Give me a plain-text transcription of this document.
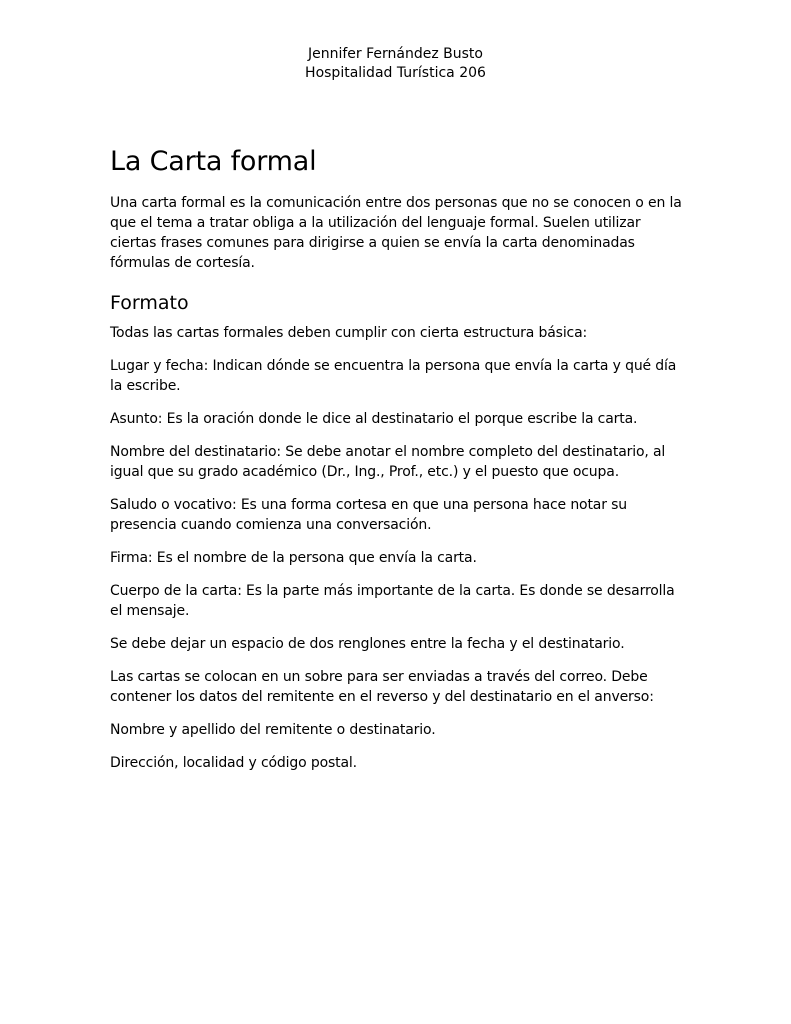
Jennifer Fernández Busto
Hospitalidad Turística 206
La Carta formal

Una carta formal es la comunicación entre dos personas que no se conocen o en la que el tema a tratar obliga a la utilización del lenguaje formal. Suelen utilizar ciertas frases comunes para dirigirse a quien se envía la carta denominadas fórmulas de cortesía.

Formato

Todas las cartas formales deben cumplir con cierta estructura básica:

Lugar y fecha: Indican dónde se encuentra la persona que envía la carta y qué día la escribe.

Asunto: Es la oración donde le dice al destinatario el porque escribe la carta.

Nombre del destinatario: Se debe anotar el nombre completo del destinatario, al igual que su grado académico (Dr., Ing., Prof., etc.) y el puesto que ocupa.

Saludo o vocativo: Es una forma cortesa en que una persona hace notar su presencia cuando comienza una conversación.

Firma: Es el nombre de la persona que envía la carta.

Cuerpo de la carta: Es la parte más importante de la carta. Es donde se desarrolla el mensaje.

Se debe dejar un espacio de dos renglones entre la fecha y el destinatario.

Las cartas se colocan en un sobre para ser enviadas a través del correo. Debe contener los datos del remitente en el reverso y del destinatario en el anverso:

Nombre y apellido del remitente o destinatario.

Dirección, localidad y código postal.
